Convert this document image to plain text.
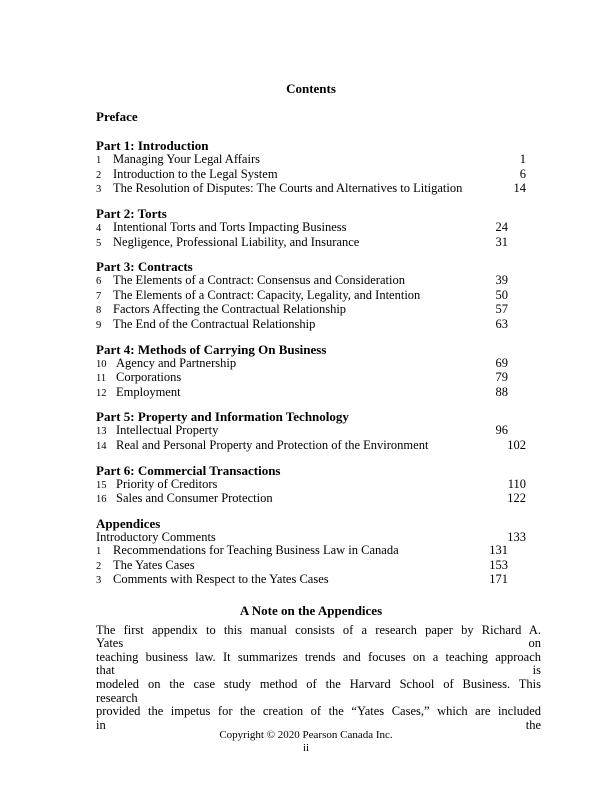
Contents
Preface
Part 1: Introduction
1 Managing Your Legal Affairs	1
2 Introduction to the Legal System	6
3 The Resolution of Disputes: The Courts and Alternatives to Litigation	14
Part 2: Torts
4 Intentional Torts and Torts Impacting Business	24
5 Negligence, Professional Liability, and Insurance	31
Part 3: Contracts
6 The Elements of a Contract: Consensus and Consideration	39
7 The Elements of a Contract: Capacity, Legality, and Intention	50
8 Factors Affecting the Contractual Relationship	57
9 The End of the Contractual Relationship	63
Part 4: Methods of Carrying On Business
10 Agency and Partnership	69
11 Corporations	79
12 Employment	88
Part 5: Property and Information Technology
13 Intellectual Property	96
14 Real and Personal Property and Protection of the Environment	102
Part 6: Commercial Transactions
15 Priority of Creditors	110
16 Sales and Consumer Protection	122
Appendices
Introductory Comments	133
1 Recommendations for Teaching Business Law in Canada	131
2 The Yates Cases	153
3 Comments with Respect to the Yates Cases	171
A Note on the Appendices
The first appendix to this manual consists of a research paper by Richard A.
Yates on
teaching business law. It summarizes trends and focuses on a teaching approach
that is
modeled on the case study method of the Harvard School of Business. This
research
provided the impetus for the creation of the “Yates Cases,” which are included
in the
Copyright © 2020 Pearson Canada Inc.
ii
